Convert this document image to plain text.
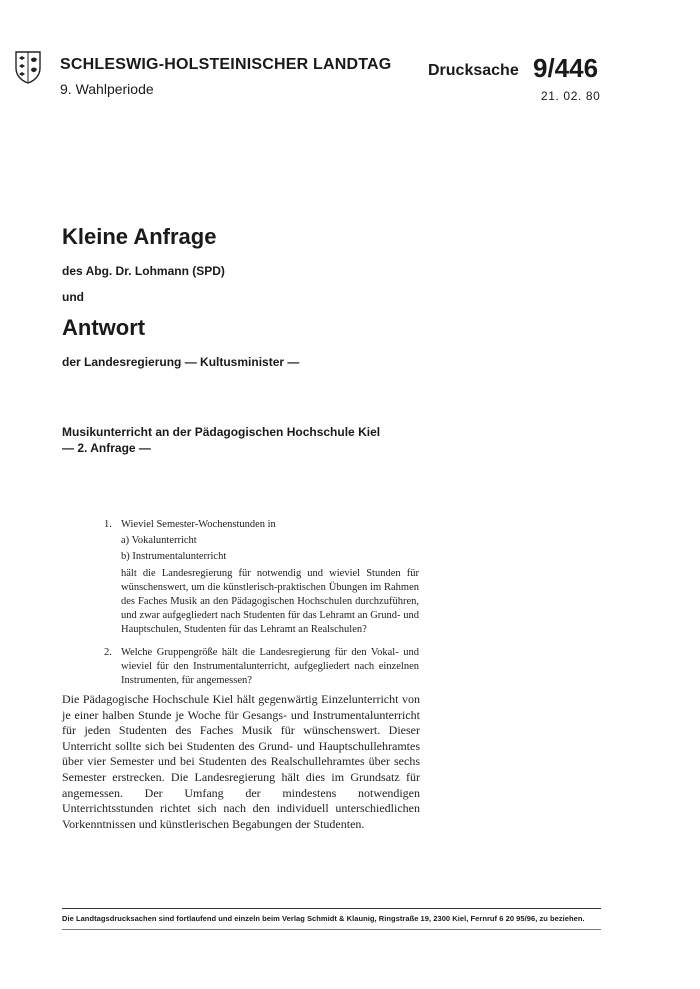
SCHLESWIG-HOLSTEINISCHER LANDTAG
9. Wahlperiode
Drucksache 9/446
21. 02. 80
Kleine Anfrage
des Abg. Dr. Lohmann (SPD)
und
Antwort
der Landesregierung — Kultusminister —
Musikunterricht an der Pädagogischen Hochschule Kiel
— 2. Anfrage —
1. Wieviel Semester-Wochenstunden in
a) Vokalunterricht
b) Instrumentalunterricht
hält die Landesregierung für notwendig und wieviel Stunden für wünschenswert, um die künstlerisch-praktischen Übungen im Rahmen des Faches Musik an den Pädagogischen Hochschulen durchzuführen, und zwar aufgegliedert nach Studenten für das Lehramt an Grund- und Hauptschulen, Studenten für das Lehramt an Realschulen?
2. Welche Gruppengröße hält die Landesregierung für den Vokal- und wieviel für den Instrumentalunterricht, aufgegliedert nach einzelnen Instrumenten, für angemessen?
Die Pädagogische Hochschule Kiel hält gegenwärtig Einzelunterricht von je einer halben Stunde je Woche für Gesangs- und Instrumentalunterricht für jeden Studenten des Faches Musik für wünschenswert. Dieser Unterricht sollte sich bei Studenten des Grund- und Hauptschullehramtes über vier Semester und bei Studenten des Realschullehramtes über sechs Semester erstrecken. Die Landesregierung hält dies im Grundsatz für angemessen. Der Umfang der mindestens notwendigen Unterrichtsstunden richtet sich nach den individuell unterschiedlichen Vorkenntnissen und künstlerischen Begabungen der Studenten.
Die Landtagsdrucksachen sind fortlaufend und einzeln beim Verlag Schmidt & Klaunig, Ringstraße 19, 2300 Kiel, Fernruf 6 20 95/96, zu beziehen.
